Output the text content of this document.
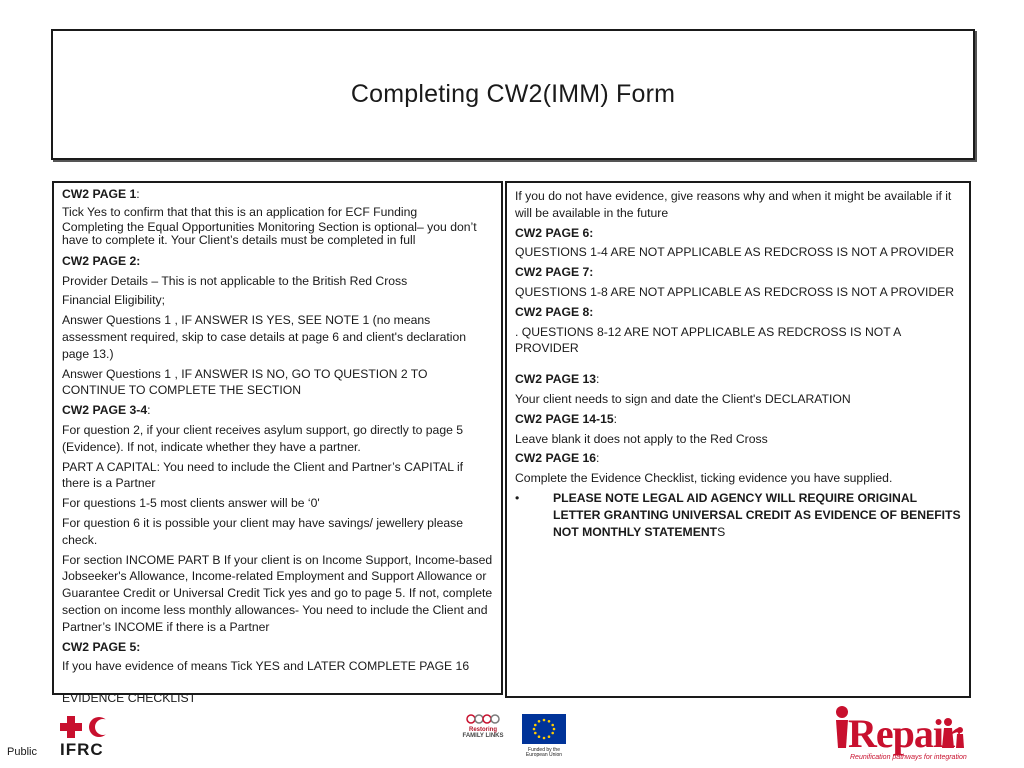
Completing CW2(IMM) Form
CW2 PAGE 1:

Tick Yes to confirm that that this is an application for ECF Funding

Completing the Equal Opportunities Monitoring Section is optional– you don’t have to complete it. Your Client’s details must be completed in full

CW2 PAGE 2:

Provider Details – This is not applicable to the British Red Cross

Financial Eligibility;

Answer Questions 1 , IF ANSWER IS YES, SEE NOTE 1 (no means assessment required, skip to case details at page 6 and client's declaration page 13.)

Answer Questions 1 , IF ANSWER IS NO, GO TO QUESTION 2 TO CONTINUE TO COMPLETE THE SECTION

CW2 PAGE 3-4:

For question 2, if your client receives asylum support, go directly to page 5 (Evidence). If not, indicate whether they have a partner.

PART A CAPITAL: You need to include the Client and Partner’s CAPITAL if there is a Partner

For questions 1-5 most clients answer will be ‘0'

For question 6 it is possible your client may have savings/ jewellery please check.

For section INCOME PART B If your client is on Income Support, Income-based Jobseeker's Allowance, Income-related Employment and Support Allowance or Guarantee Credit or Universal Credit Tick yes and go to page 5. If not, complete section on income less monthly allowances- You need to include the Client and Partner’s INCOME if there is a Partner

CW2 PAGE 5:

If you have evidence of means Tick YES and LATER COMPLETE PAGE 16

EVIDENCE CHECKLIST

If you do not have evidence, give reasons why and when it might be available if it will be available in the future

CW2 PAGE 6:

QUESTIONS 1-4 ARE NOT APPLICABLE AS REDCROSS IS NOT A PROVIDER

CW2 PAGE 7:

QUESTIONS 1-8 ARE NOT APPLICABLE AS REDCROSS IS NOT A PROVIDER

CW2 PAGE 8:

. QUESTIONS 8-12 ARE NOT APPLICABLE AS REDCROSS IS NOT A PROVIDER

CW2 PAGE 13:

Your client needs to sign and date the Client's DECLARATION

CW2 PAGE 14-15:

Leave blank it does not apply to the Red Cross

CW2 PAGE 16:

Complete the Evidence Checklist, ticking evidence you have supplied.

•	PLEASE NOTE LEGAL AID AGENCY WILL REQUIRE ORIGINAL LETTER GRANTING UNIVERSAL CREDIT AS EVIDENCE OF BENEFITS NOT MONTHLY STATEMENTS
Public IFRC
Restoring
FAMILY LINKS
Funded by the European Union	Repair
Reunification pathways for integration
